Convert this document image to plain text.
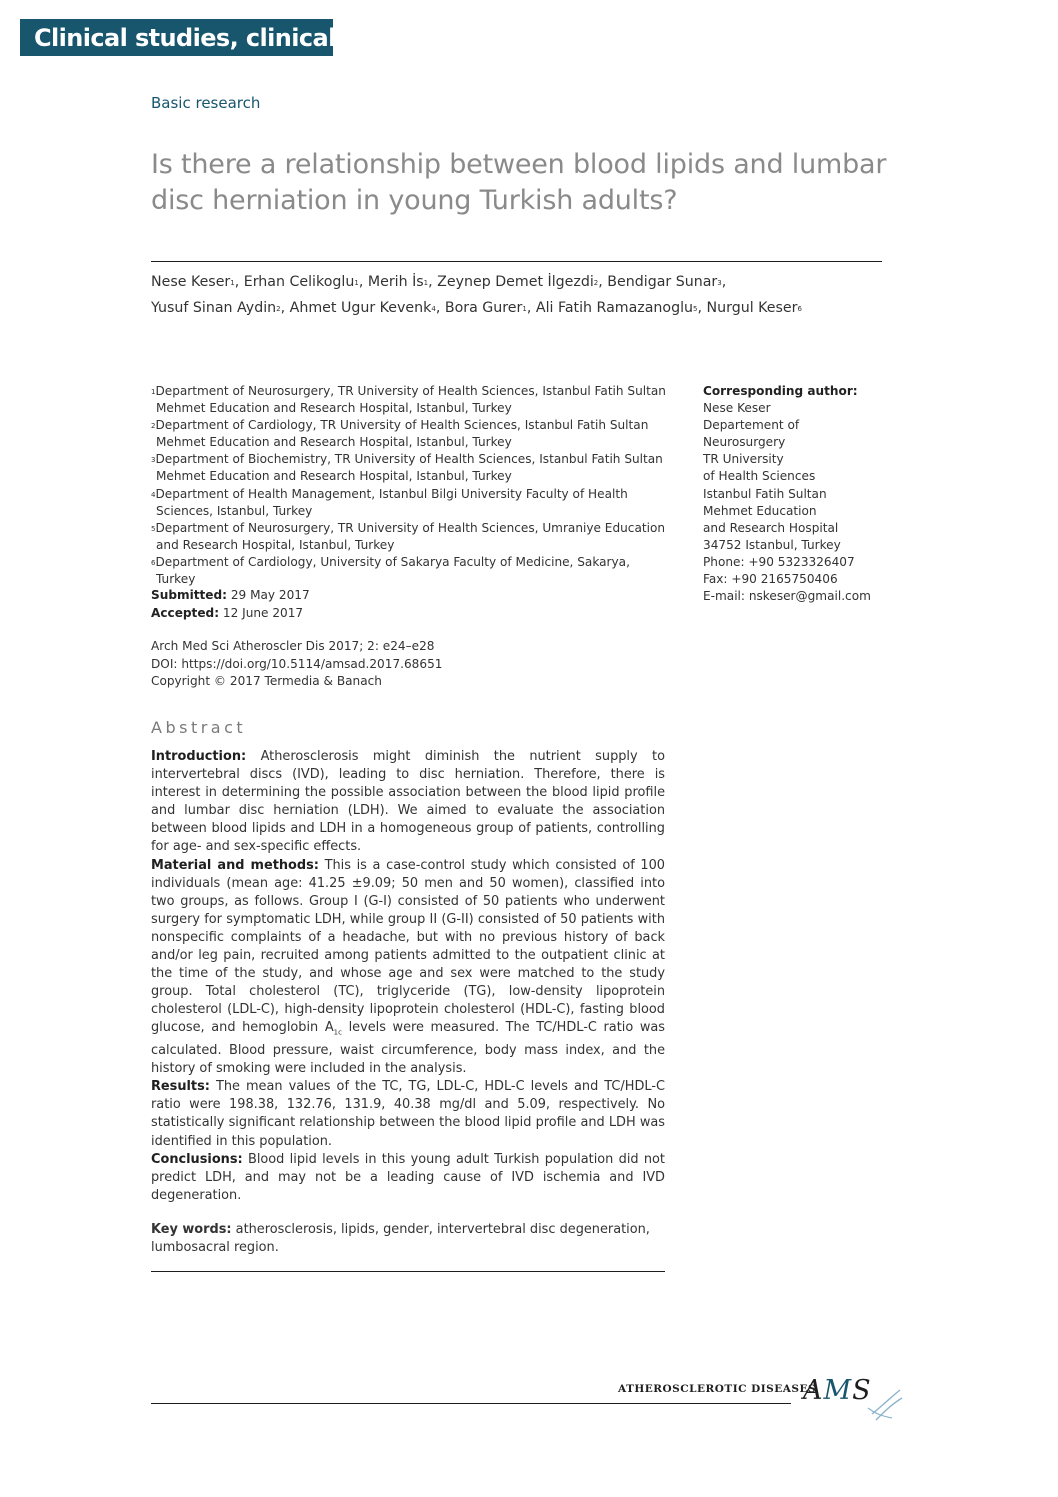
Clinical studies, clinical trial
Basic research
Is there a relationship between blood lipids and lumbar disc herniation in young Turkish adults?
Nese Keser$^1$, Erhan Celikoglu$^1$, Merih $İs^1$, Zeynep Demet İlgezdi$^2$, Bendigar Sunar$^3$,
Yusuf Sinan Aydin$^2$, Ahmet Ugur Kevenk$^4$, Bora Gurer$^1$, Ali Fatih Ramazanoglu$^5$, Nurgul Keser$^6$
$^1$Department of Neurosurgery, TR University of Health Sciences, Istanbul Fatih Sultan
Mehmet Education and Research Hospital, Istanbul, Turkey
$^2$Department of Cardiology, TR University of Health Sciences, Istanbul Fatih Sultan
Mehmet Education and Research Hospital, Istanbul, Turkey
$^3$Department of Biochemistry, TR University of Health Sciences, Istanbul Fatih Sultan
Mehmet Education and Research Hospital, Istanbul, Turkey
$^4$Department of Health Management, Istanbul Bilgi University Faculty of Health
Sciences, Istanbul, Turkey
$^5$Department of Neurosurgery, TR University of Health Sciences, Umraniye Education
and Research Hospital, Istanbul, Turkey
$^6$Department of Cardiology, University of Sakarya Faculty of Medicine, Sakarya, Turkey
Corresponding author:
Nese Keser
Departement of
Neurosurgery
TR University
of Health Sciences
Istanbul Fatih Sultan
Mehmet Education
and Research Hospital
34752 Istanbul, Turkey
Phone: +90 5323326407
Fax: +90 2165750406
E-mail: nskeser@gmail.com
Submitted: 29 May 2017
Accepted: 12 June 2017
Arch Med Sci Atheroscler Dis 2017; 2: e24–e28
DOI: https://doi.org/10.5114/amsad.2017.68651
Copyright © 2017 Termedia & Banach
Abstract

Introduction: Atherosclerosis might diminish the nutrient supply to intervertebral discs (IVD), leading to disc herniation. Therefore, there is interest in determining the possible association between the blood lipid profile and lumbar disc herniation (LDH). We aimed to evaluate the association between blood lipids and LDH in a homogeneous group of patients, controlling for age- and sex-specific effects.

Material and methods: This is a case-control study which consisted of 100 individuals (mean age: 41.25 ±9.09; 50 men and 50 women), classified into two groups, as follows. Group I (G-I) consisted of 50 patients who underwent surgery for symptomatic LDH, while group II (G-II) consisted of 50 patients with nonspecific complaints of a headache, but with no previous history of back and/or leg pain, recruited among patients admitted to the outpatient clinic at the time of the study, and whose age and sex were matched to the study group. Total cholesterol (TC), triglyceride (TG), low-density lipoprotein cholesterol (LDL-C), high-density lipoprotein cholesterol (HDL-C), fasting blood glucose, and hemoglobin $A_{1c}$ levels were measured. The TC/HDL-C ratio was calculated. Blood pressure, waist circumference, body mass index, and the history of smoking were included in the analysis.

Results: The mean values of the TC, TG, LDL-C, HDL-C levels and TC/HDL-C ratio were 198.38, 132.76, 131.9, 40.38 mg/dl and 5.09, respectively. No statistically significant relationship between the blood lipid profile and LDH was identified in this population.

Conclusions: Blood lipid levels in this young adult Turkish population did not predict LDH, and may not be a leading cause of IVD ischemia and IVD degeneration.

Key words: atherosclerosis, lipids, gender, intervertebral disc degeneration, lumbosacral region.
ATHEROSCLEROTIC DISEASES
AMS
